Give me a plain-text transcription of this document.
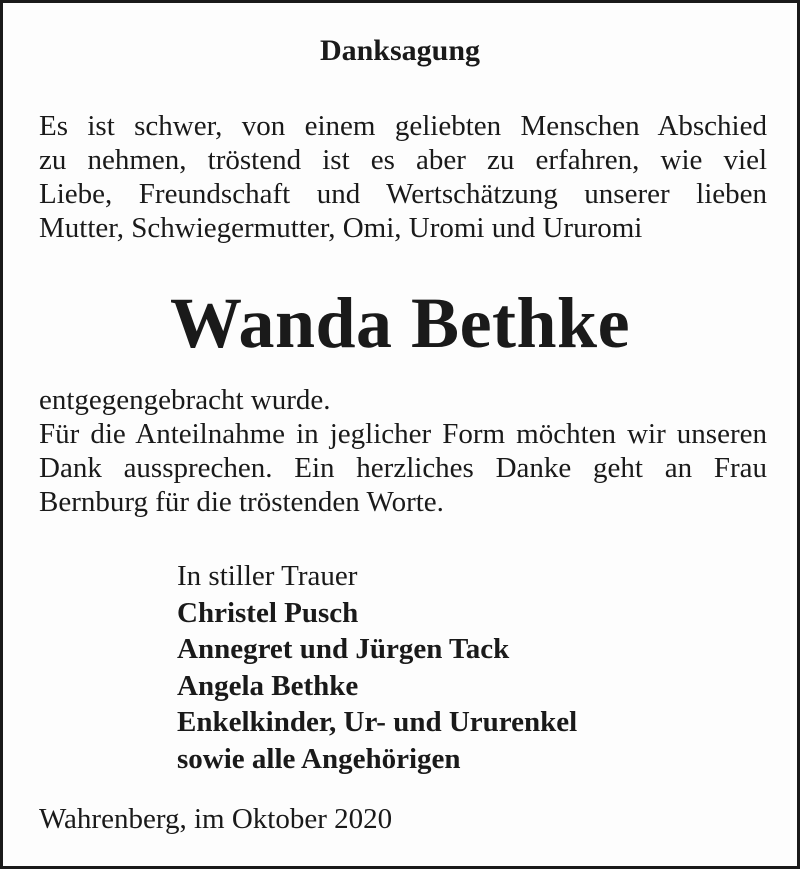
Danksagung
Es ist schwer, von einem geliebten Menschen Abschied
zu nehmen, tröstend ist es aber zu erfahren, wie viel
Liebe, Freundschaft und Wertschätzung unserer lieben
Mutter, Schwiegermutter, Omi, Uromi und Ururomi
Wanda Bethke
entgegengebracht wurde.
Für die Anteilnahme in jeglicher Form möchten wir unseren
Dank aussprechen. Ein herzliches Danke geht an Frau
Bernburg für die tröstenden Worte.
In stiller Trauer
Christel Pusch
Annegret und Jürgen Tack
Angela Bethke
Enkelkinder, Ur- und Ururenkel
sowie alle Angehörigen
Wahrenberg, im Oktober 2020
